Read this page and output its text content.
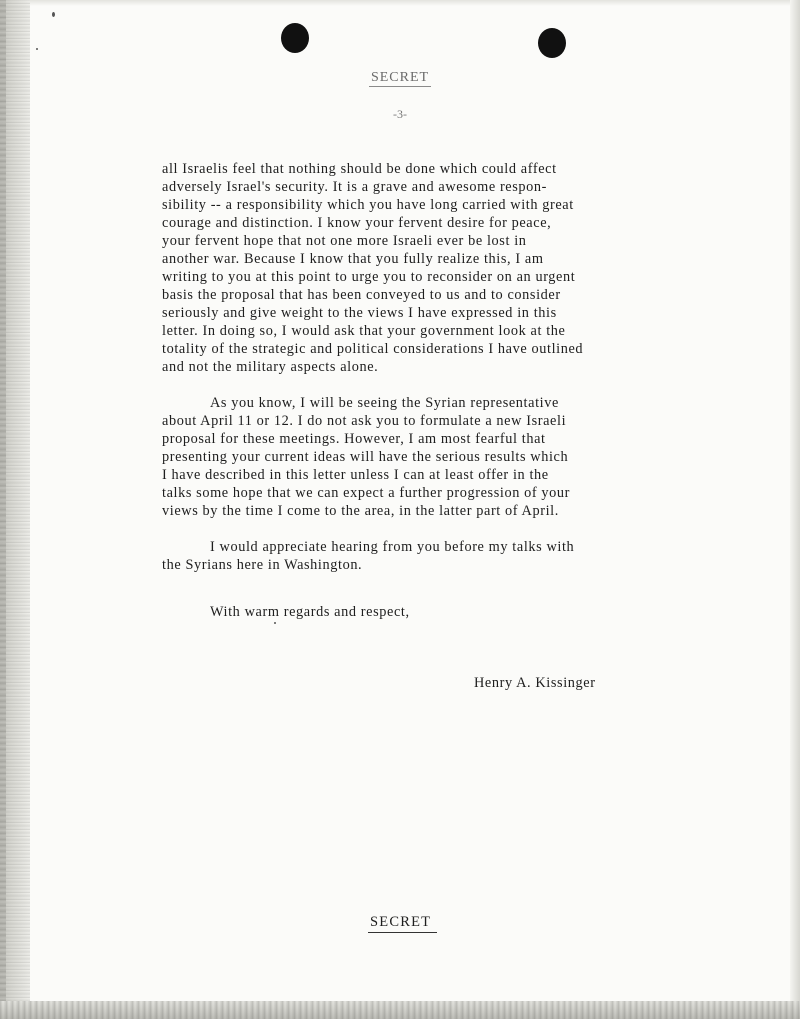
SECRET
-3-
all Israelis feel that nothing should be done which could affect
adversely Israel's security. It is a grave and awesome respon-
sibility -- a responsibility which you have long carried with great
courage and distinction. I know your fervent desire for peace,
your fervent hope that not one more Israeli ever be lost in
another war. Because I know that you fully realize this, I am
writing to you at this point to urge you to reconsider on an urgent
basis the proposal that has been conveyed to us and to consider
seriously and give weight to the views I have expressed in this
letter. In doing so, I would ask that your government look at the
totality of the strategic and political considerations I have outlined
and not the military aspects alone.
As you know, I will be seeing the Syrian representative
about April 11 or 12. I do not ask you to formulate a new Israeli
proposal for these meetings. However, I am most fearful that
presenting your current ideas will have the serious results which
I have described in this letter unless I can at least offer in the
talks some hope that we can expect a further progression of your
views by the time I come to the area, in the latter part of April.
I would appreciate hearing from you before my talks with
the Syrians here in Washington.
With warm regards and respect,
Henry A. Kissinger
SECRET
